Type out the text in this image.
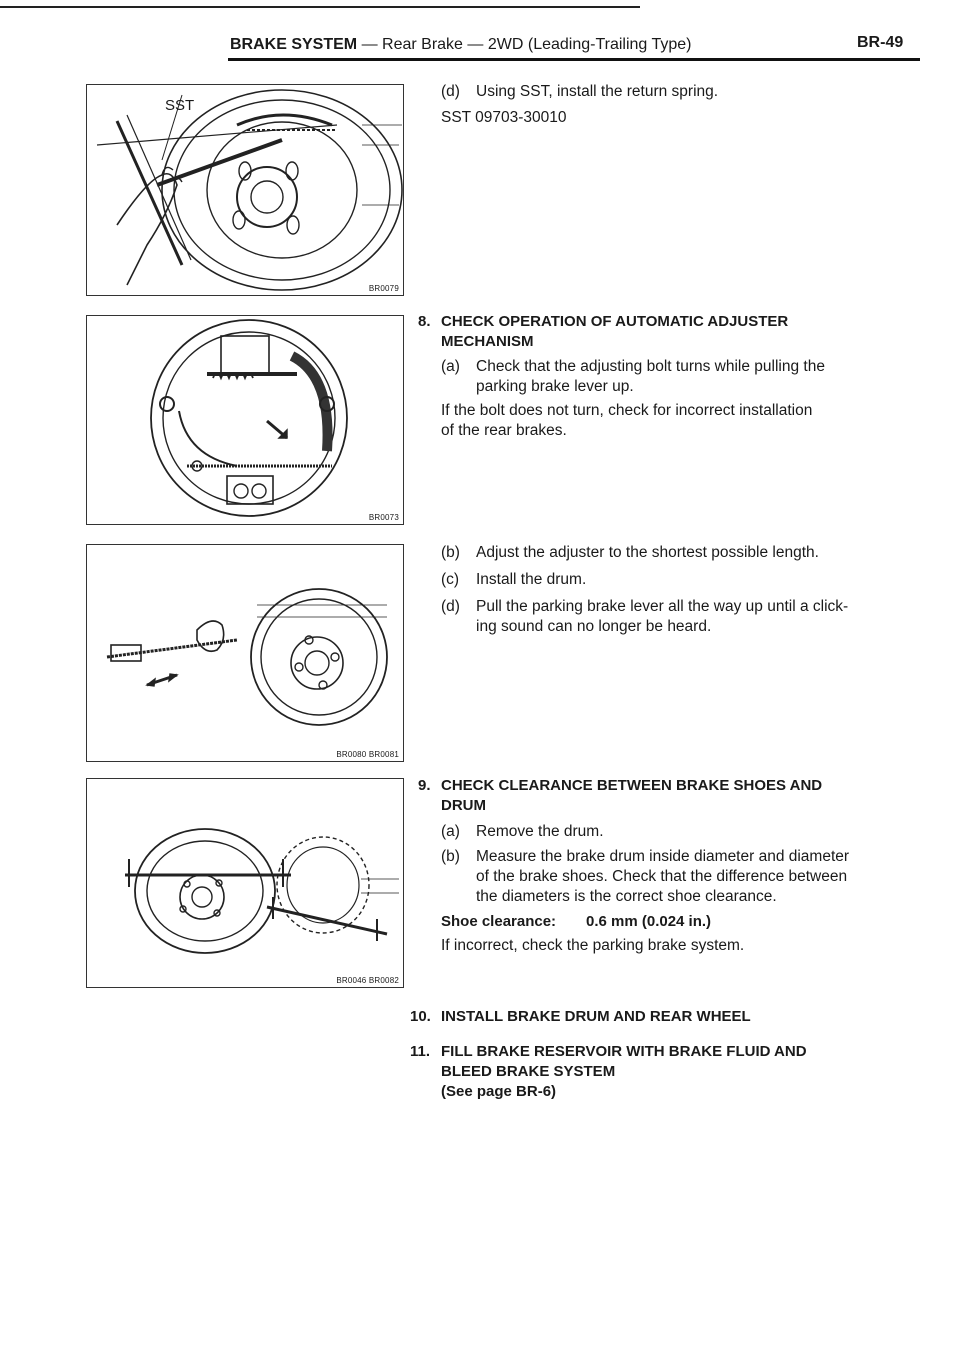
BRAKE SYSTEM — Rear Brake — 2WD (Leading-Trailing Type)	BR-49
SST
BR0079
BR0073
BR0080 BR0081
BR0046 BR0082
(d) Using SST, install the return spring.
SST 09703-30010
8. CHECK OPERATION OF AUTOMATIC ADJUSTER
MECHANISM
(a) Check that the adjusting bolt turns while pulling the
parking brake lever up.
If the bolt does not turn, check for incorrect installation
of the rear brakes.
(b) Adjust the adjuster to the shortest possible length.
(c) Install the drum.
(d) Pull the parking brake lever all the way up until a click-
ing sound can no longer be heard.
9. CHECK CLEARANCE BETWEEN BRAKE SHOES AND
DRUM
(a) Remove the drum.
(b) Measure the brake drum inside diameter and diameter
of the brake shoes. Check that the difference between
the diameters is the correct shoe clearance.
Shoe clearance: 0.6 mm (0.024 in.)
If incorrect, check the parking brake system.
10. INSTALL BRAKE DRUM AND REAR WHEEL
11. FILL BRAKE RESERVOIR WITH BRAKE FLUID AND
BLEED BRAKE SYSTEM
(See page BR-6)
